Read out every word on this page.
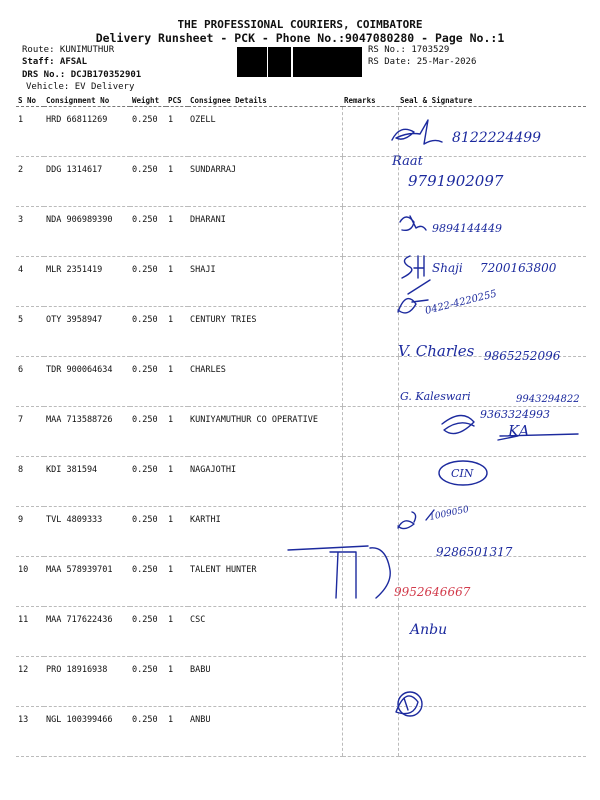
THE PROFESSIONAL COURIERS, COIMBATORE
Delivery Runsheet - PCK - Phone No.:9047080280 - Page No.:1
Route: KUNIMUTHUR
Staff: AFSAL
DRS No.: DCJB170352901
Vehicle: EV Delivery
RS No.: 1703529
RS Date: 25-Mar-2026
S No	Consignment No	Weight	PCS	Consignee Details	Remarks	Seal & Signature
1	HRD 66811269	0.250	1	OZELL		
2	DDG 1314617	0.250	1	SUNDARRAJ		
3	NDA 906989390	0.250	1	DHARANI		
4	MLR 2351419	0.250	1	SHAJI		
5	OTY 3958947	0.250	1	CENTURY TRIES		
6	TDR 900064634	0.250	1	CHARLES		
7	MAA 713588726	0.250	1	KUNIYAMUTHUR CO OPERATIVE		
8	KDI 381594	0.250	1	NAGAJOTHI		
9	TVL 4809333	0.250	1	KARTHI		
10	MAA 578939701	0.250	1	TALENT HUNTER		
11	MAA 717622436	0.250	1	CSC		
12	PRO 18916938	0.250	1	BABU		
13	NGL 100399466	0.250	1	ANBU		
8122224499
Raat
9791902097
9894144449
Shaji 7200163800
0422-4220255
V. Charles 9865252096
G. Kaleswari	9943294822
9363324993
KA
CIN
1009050
9286501317
Anbu
9952646667
